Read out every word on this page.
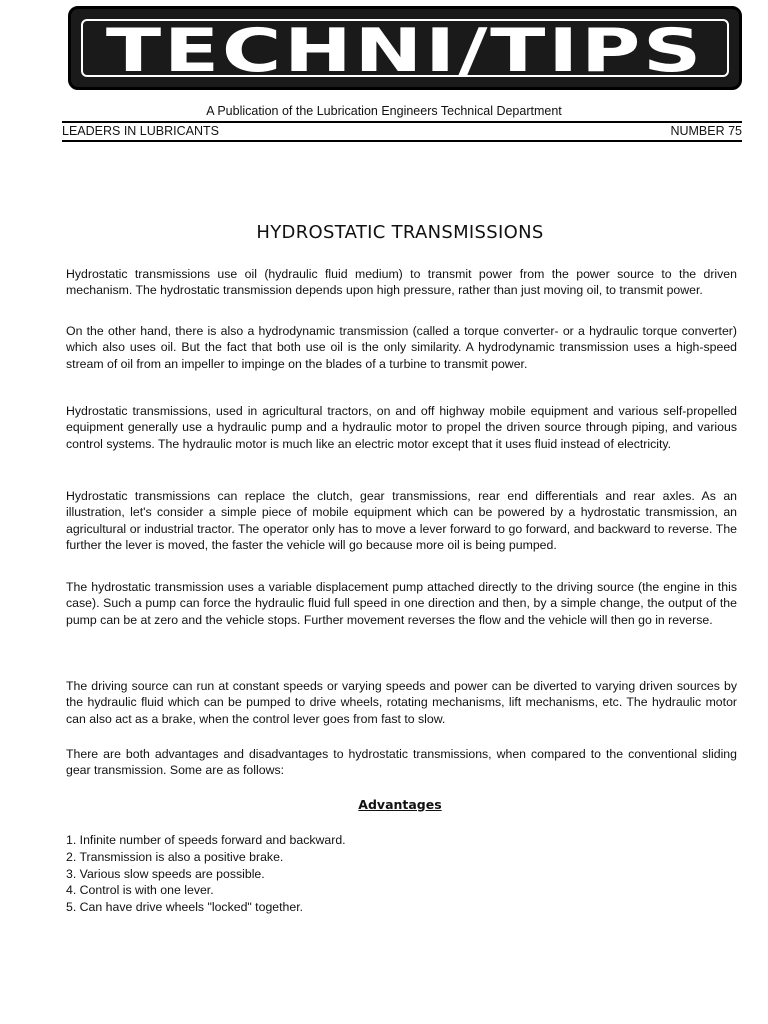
TECHNI/TIPS
A Publication of the Lubrication Engineers Technical Department
LEADERS IN LUBRICANTS	NUMBER 75
HYDROSTATIC TRANSMISSIONS

Hydrostatic transmissions use oil (hydraulic fluid medium) to transmit power from the power source to the driven mechanism. The hydrostatic transmission depends upon high pressure, rather than just moving oil, to transmit power.

On the other hand, there is also a hydrodynamic transmission (called a torque converter- or a hydraulic torque converter) which also uses oil. But the fact that both use oil is the only similarity. A hydrodynamic transmission uses a high-speed stream of oil from an impeller to impinge on the blades of a turbine to transmit power.

Hydrostatic transmissions, used in agricultural tractors, on and off highway mobile equipment and various self-propelled equipment generally use a hydraulic pump and a hydraulic motor to propel the driven source through piping, and various control systems. The hydraulic motor is much like an electric motor except that it uses fluid instead of electricity.

Hydrostatic transmissions can replace the clutch, gear transmissions, rear end differentials and rear axles. As an illustration, let's consider a simple piece of mobile equipment which can be powered by a hydrostatic transmission, an agricultural or industrial tractor. The operator only has to move a lever forward to go forward, and backward to reverse. The further the lever is moved, the faster the vehicle will go because more oil is being pumped.

The hydrostatic transmission uses a variable displacement pump attached directly to the driving source (the engine in this case). Such a pump can force the hydraulic fluid full speed in one direction and then, by a simple change, the output of the pump can be at zero and the vehicle stops. Further movement reverses the flow and the vehicle will then go in reverse.

The driving source can run at constant speeds or varying speeds and power can be diverted to varying driven sources by the hydraulic fluid which can be pumped to drive wheels, rotating mechanisms, lift mechanisms, etc. The hydraulic motor can also act as a brake, when the control lever goes from fast to slow.

There are both advantages and disadvantages to hydrostatic transmissions, when compared to the conventional sliding gear transmission. Some are as follows:

Advantages
1. Infinite number of speeds forward and backward.
2. Transmission is also a positive brake.
3. Various slow speeds are possible.
4. Control is with one lever.
5. Can have drive wheels "locked" together.
